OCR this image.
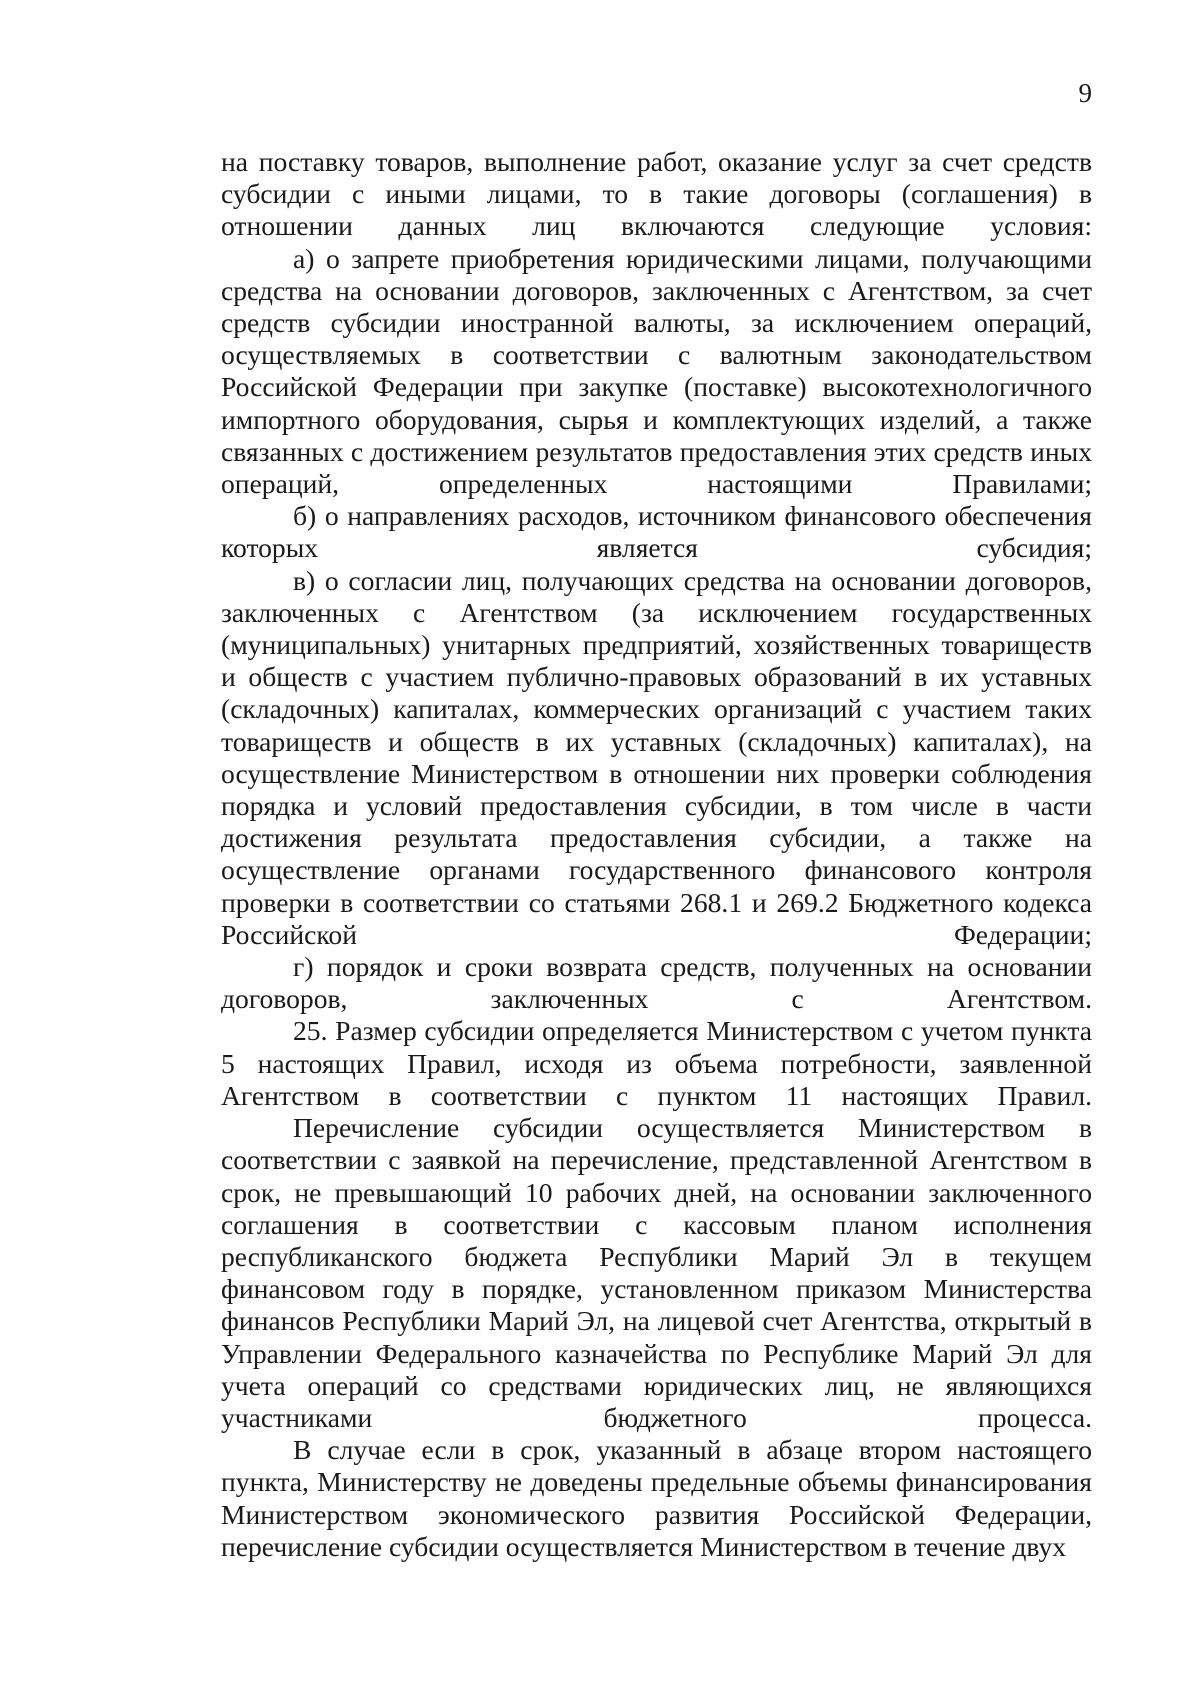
9

на поставку товаров, выполнение работ, оказание услуг за счет средств субсидии с иными лицами, то в такие договоры (соглашения) в отношении данных лиц включаются следующие условия:

а) о запрете приобретения юридическими лицами, получающими средства на основании договоров, заключенных с Агентством, за счет средств субсидии иностранной валюты, за исключением операций, осуществляемых в соответствии с валютным законодательством Российской Федерации при закупке (поставке) высокотехнологичного импортного оборудования, сырья и комплектующих изделий, а также связанных с достижением результатов предоставления этих средств иных операций, определенных настоящими Правилами;

б) о направлениях расходов, источником финансового обеспечения которых является субсидия;

в) о согласии лиц, получающих средства на основании договоров, заключенных с Агентством (за исключением государственных (муниципальных) унитарных предприятий, хозяйственных товариществ и обществ с участием публично-правовых образований в их уставных (складочных) капиталах, коммерческих организаций с участием таких товариществ и обществ в их уставных (складочных) капиталах), на осуществление Министерством в отношении них проверки соблюдения порядка и условий предоставления субсидии, в том числе в части достижения результата предоставления субсидии, а также на осуществление органами государственного финансового контроля проверки в соответствии со статьями 268.1 и 269.2 Бюджетного кодекса Российской Федерации;

г) порядок и сроки возврата средств, полученных на основании договоров, заключенных с Агентством.

25. Размер субсидии определяется Министерством с учетом пункта 5 настоящих Правил, исходя из объема потребности, заявленной Агентством в соответствии с пунктом 11 настоящих Правил.

Перечисление субсидии осуществляется Министерством в соответствии с заявкой на перечисление, представленной Агентством в срок, не превышающий 10 рабочих дней, на основании заключенного соглашения в соответствии с кассовым планом исполнения республиканского бюджета Республики Марий Эл в текущем финансовом году в порядке, установленном приказом Министерства финансов Республики Марий Эл, на лицевой счет Агентства, открытый в Управлении Федерального казначейства по Республике Марий Эл для учета операций со средствами юридических лиц, не являющихся участниками бюджетного процесса.

В случае если в срок, указанный в абзаце втором настоящего пункта, Министерству не доведены предельные объемы финансирования Министерством экономического развития Российской Федерации, перечисление субсидии осуществляется Министерством в течение двух
